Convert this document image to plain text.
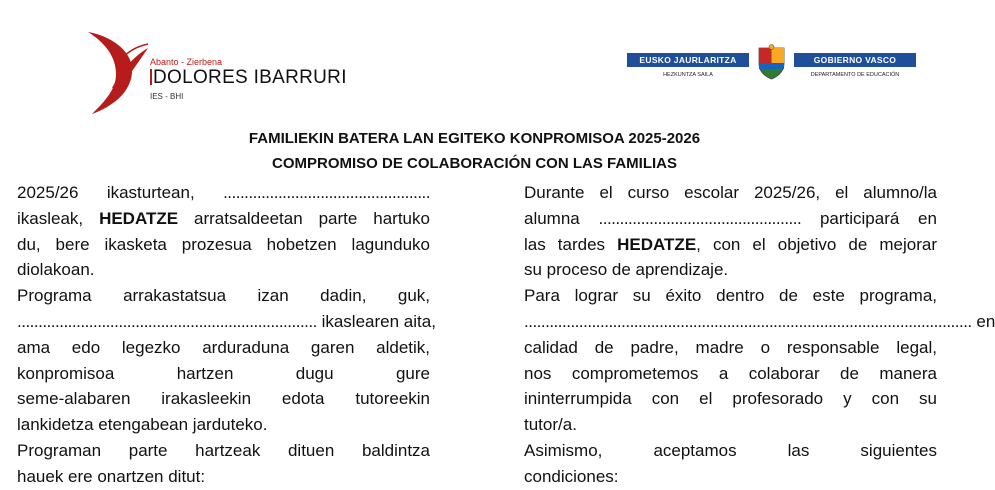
Abanto - Zierbena
DOLORES IBARRURI
IES - BHI
EUSKO JAURLARITZA	GOBIERNO VASCO
HEZKUNTZA SAILA	DEPARTAMENTO DE EDUCACIÓN
FAMILIEKIN BATERA LAN EGITEKO KONPROMISOA 2025-2026
COMPROMISO DE COLABORACIÓN CON LAS FAMILIAS
2025/26 ikasturtean, .................................................
ikasleak, HEDATZE arratsaldeetan parte hartuko
du, bere ikasketa prozesua hobetzen lagunduko
diolakoan.
Programa arrakastatsua izan dadin, guk,
....................................................................... ikaslearen aita,
ama edo legezko arduraduna garen aldetik,
konpromisoa hartzen dugu gure
seme-alabaren irakasleekin edota tutoreekin
lankidetza etengabean jarduteko.
Programan parte hartzeak dituen baldintza
hauek ere onartzen ditut:
Durante el curso escolar 2025/26, el alumno/la
alumna ................................................ participará en
las tardes HEDATZE, con el objetivo de mejorar
su proceso de aprendizaje.
Para lograr su éxito dentro de este programa,
.......................................................................................................... en
calidad de padre, madre o responsable legal,
nos comprometemos a colaborar de manera
ininterrumpida con el profesorado y con su
tutor/a.
Asimismo, aceptamos las siguientes
condiciones:
